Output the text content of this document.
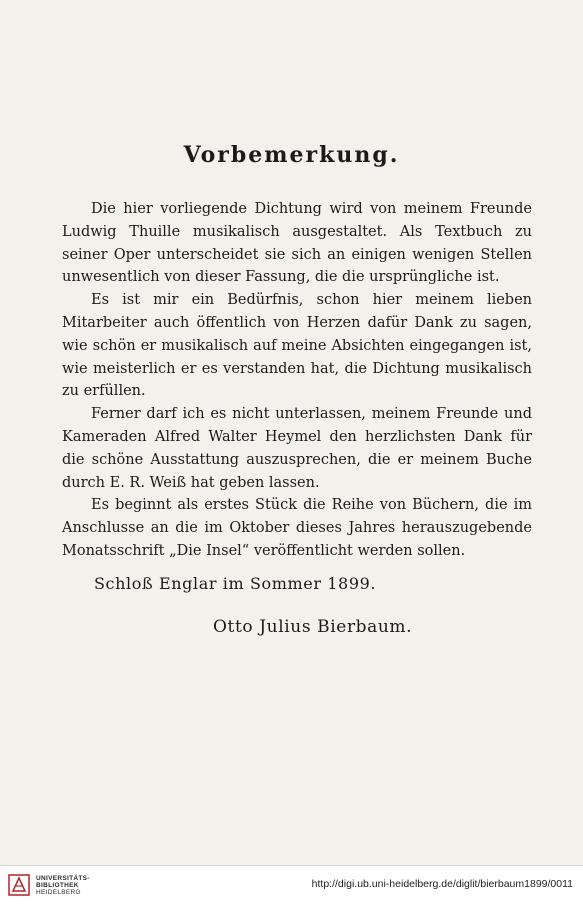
Vorbemerkung.

Die hier vorliegende Dichtung wird von meinem Freunde Ludwig Thuille musikalisch ausgestaltet. Als Textbuch zu seiner Oper unterscheidet sie sich an einigen wenigen Stellen unwesentlich von dieser Fassung, die die ursprüngliche ist.

Es ist mir ein Bedürfnis, schon hier meinem lieben Mitarbeiter auch öffentlich von Herzen dafür Dank zu sagen, wie schön er musikalisch auf meine Absichten eingegangen ist, wie meisterlich er es verstanden hat, die Dichtung musikalisch zu erfüllen.

Ferner darf ich es nicht unterlassen, meinem Freunde und Kameraden Alfred Walter Heymel den herzlichsten Dank für die schöne Ausstattung auszusprechen, die er meinem Buche durch E. R. Weiß hat geben lassen.

Es beginnt als erstes Stück die Reihe von Büchern, die im Anschlusse an die im Oktober dieses Jahres herauszugebende Monatsschrift „Die Insel“ veröffentlicht werden sollen.

Schloß Englar im Sommer 1899.
Otto Julius Bierbaum.
UNIVERSITÄTS-
BIBLIOTHEK
HEIDELBERG
http://digi.ub.uni-heidelberg.de/diglit/bierbaum1899/0011
